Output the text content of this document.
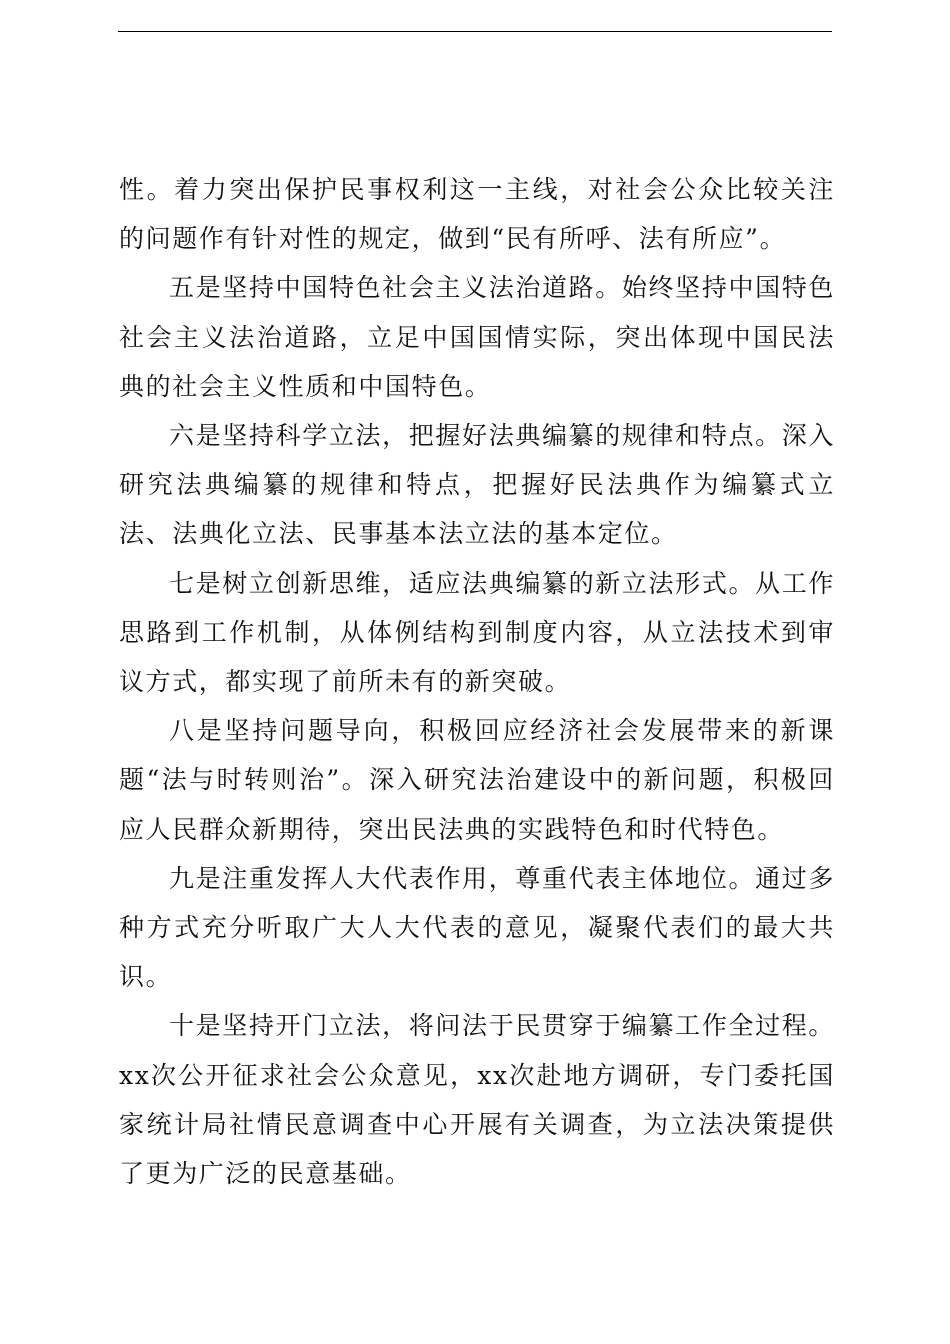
性。着力突出保护民事权利这一主线，对社会公众比较关注的问题作有针对性的规定，做到“民有所呼、法有所应”。

五是坚持中国特色社会主义法治道路。始终坚持中国特色社会主义法治道路，立足中国国情实际，突出体现中国民法典的社会主义性质和中国特色。

六是坚持科学立法，把握好法典编纂的规律和特点。深入研究法典编纂的规律和特点，把握好民法典作为编纂式立法、法典化立法、民事基本法立法的基本定位。

七是树立创新思维，适应法典编纂的新立法形式。从工作思路到工作机制，从体例结构到制度内容，从立法技术到审议方式，都实现了前所未有的新突破。

八是坚持问题导向，积极回应经济社会发展带来的新课题“法与时转则治”。深入研究法治建设中的新问题，积极回应人民群众新期待，突出民法典的实践特色和时代特色。

九是注重发挥人大代表作用，尊重代表主体地位。通过多种方式充分听取广大人大代表的意见，凝聚代表们的最大共识。

十是坚持开门立法，将问法于民贯穿于编纂工作全过程。xx次公开征求社会公众意见，xx次赴地方调研，专门委托国家统计局社情民意调查中心开展有关调查，为立法决策提供了更为广泛的民意基础。
